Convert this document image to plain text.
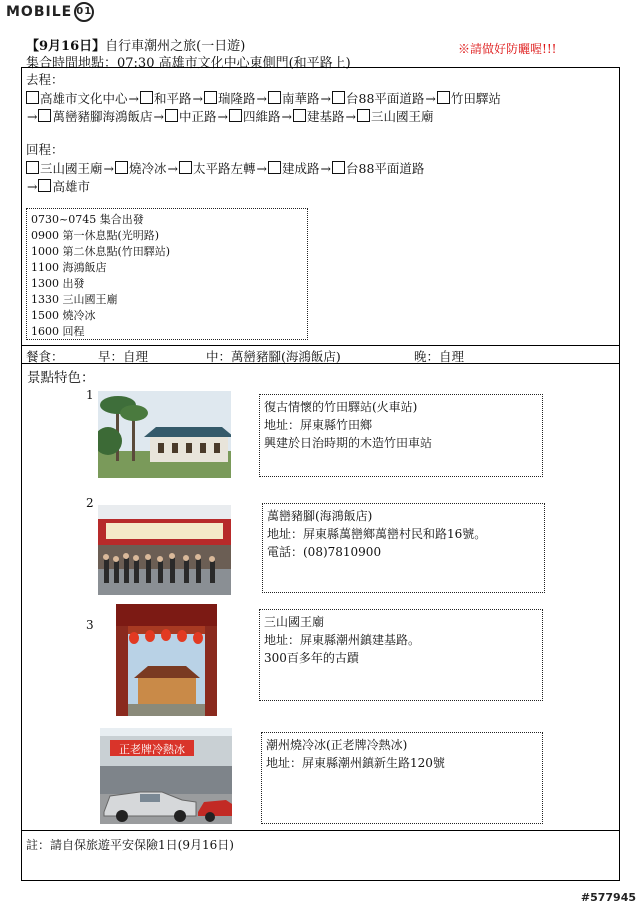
MOBILE 01
【9月16日】自行車潮州之旅(一日遊)	※請做好防曬喔!!!
集合時間地點：07:30 高雄市文化中心東側門(和平路上)
去程：
高雄市文化中心→ 和平路→ 瑞隆路→ 南華路→ 台88平面道路→ 竹田驛站
→ 萬巒豬腳海鴻飯店→ 中正路→ 四維路→ 建基路→ 三山國王廟
回程：
三山國王廟→ 燒冷冰→ 太平路左轉→ 建成路→ 台88平面道路
→ 高雄市
0730~0745 集合出發
0900 第一休息點(光明路)
1000 第二休息點(竹田驛站)
1100 海鴻飯店
1300 出發
1330 三山國王廟
1500 燒冷冰
1600 回程
餐食：	早：自理	中：萬巒豬腳(海鴻飯店)	晚：自理
景點特色：
1
復古情懷的竹田驛站(火車站)
地址：屏東縣竹田鄉
興建於日治時期的木造竹田車站
2
萬巒豬腳(海鴻飯店)
地址：屏東縣萬巒鄉萬巒村民和路16號。
電話：(08)7810900
3	三山國王廟
地址：屏東縣潮州鎮建基路。
300百多年的古蹟
正老牌冷熱冰	潮州燒冷冰(正老牌冷熱冰)
地址：屏東縣潮州鎮新生路120號
註：請自保旅遊平安保險1日(9月16日)
#577945
